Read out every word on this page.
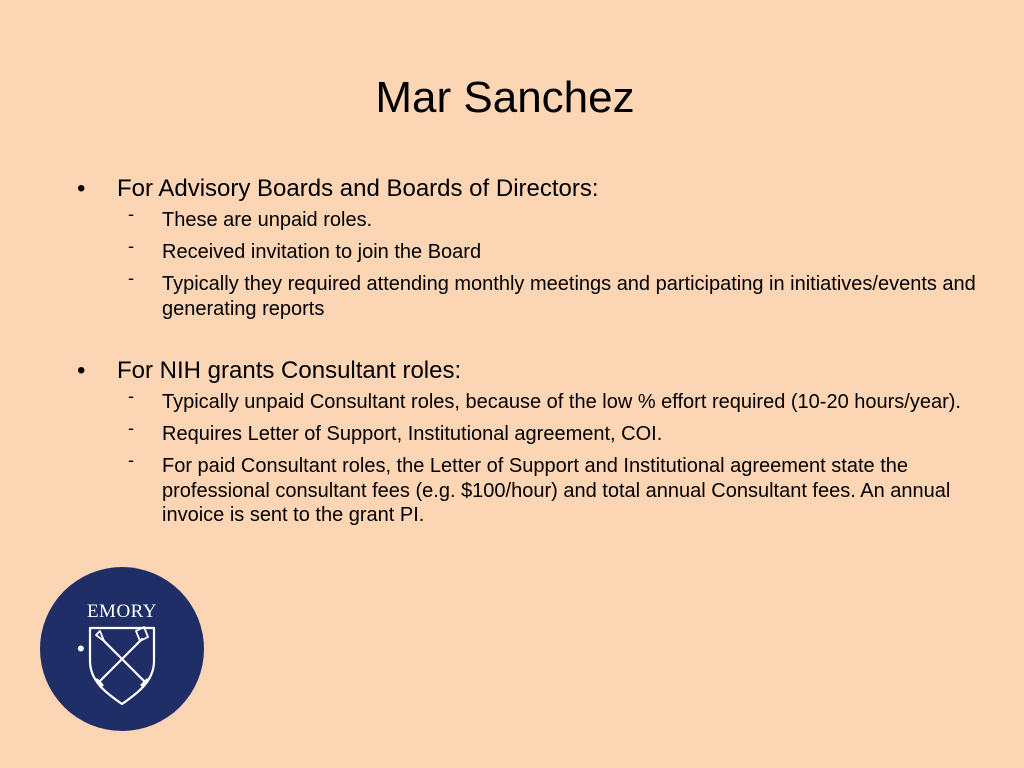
Mar Sanchez
• For Advisory Boards and Boards of Directors:
- These are unpaid roles.
- Received invitation to join the Board
- Typically they required attending monthly meetings and participating in initiatives/events and generating reports
• For NIH grants Consultant roles:
- Typically unpaid Consultant roles, because of the low % effort required (10-20 hours/year).
- Requires Letter of Support, Institutional agreement, COI.
- For paid Consultant roles, the Letter of Support and Institutional agreement state the professional consultant fees (e.g. $100/hour) and total annual Consultant fees. An annual invoice is sent to the grant PI.
EMORY
•
